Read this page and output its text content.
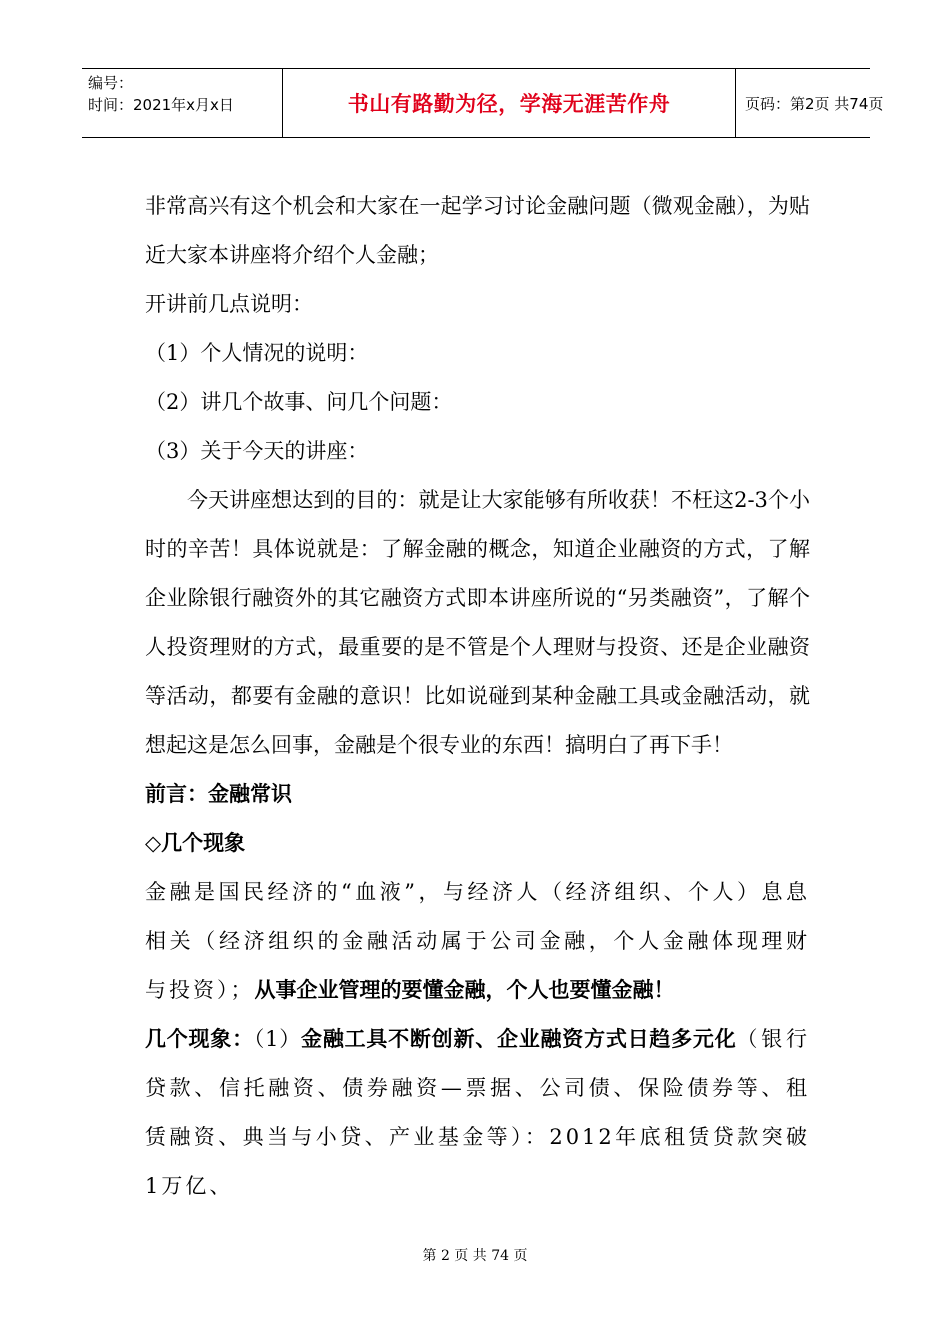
编号：
时间：2021年x月x日	书山有路勤为径，学海无涯苦作舟	页码：第2页 共74页

非常高兴有这个机会和大家在一起学习讨论金融问题（微观金融），为贴近大家本讲座将介绍个人金融；

开讲前几点说明：

（1）个人情况的说明：

（2）讲几个故事、问几个问题：

（3）关于今天的讲座：

今天讲座想达到的目的：就是让大家能够有所收获！不枉这2-3个小时的辛苦！具体说就是：了解金融的概念，知道企业融资的方式，了解企业除银行融资外的其它融资方式即本讲座所说的“另类融资”，了解个人投资理财的方式，最重要的是不管是个人理财与投资、还是企业融资等活动，都要有金融的意识！比如说碰到某种金融工具或金融活动，就想起这是怎么回事，金融是个很专业的东西！搞明白了再下手！

前言：金融常识

◇几个现象

金融是国民经济的“血液”，与经济人（经济组织、个人）息息相关（经济组织的金融活动属于公司金融，个人金融体现理财与投资）；从事企业管理的要懂金融，个人也要懂金融！

几个现象：（1）金融工具不断创新、企业融资方式日趋多元化（银行贷款、信托融资、债券融资—票据、公司债、保险债券等、租赁融资、典当与小贷、产业基金等）：2012年底租赁贷款突破1万亿、

第 2 页 共 74 页
